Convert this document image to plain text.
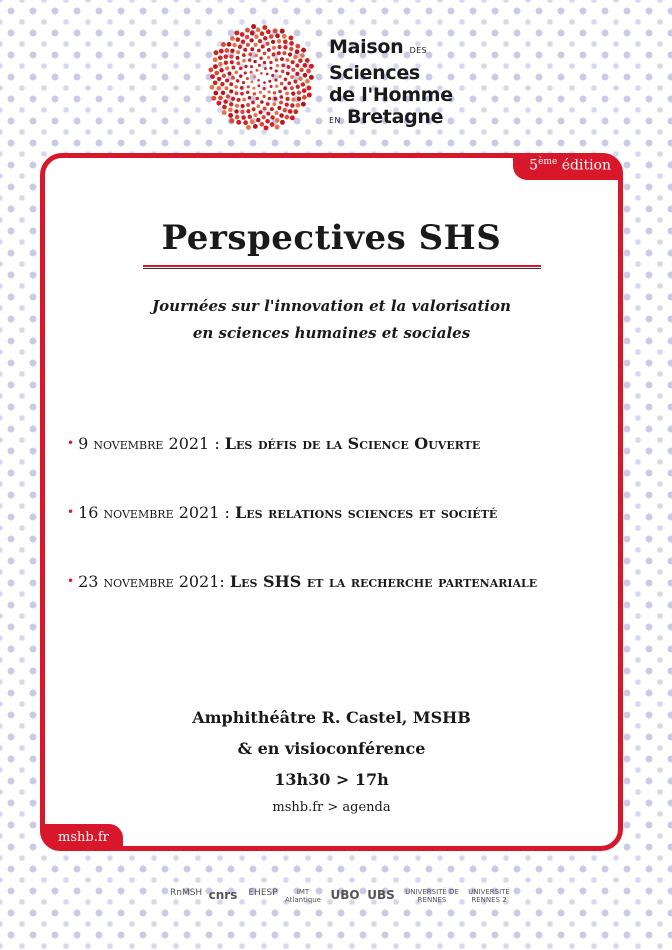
Maison DES
Sciences
de l'Homme
EN Bretagne
5ème édition
Perspectives SHS
Journées sur l'innovation et la valorisation
en sciences humaines et sociales
• 9 novembre 2021 : Les défis de la Science Ouverte
• 16 novembre 2021 : Les relations sciences et société
• 23 novembre 2021: Les SHS et la recherche partenariale
Amphithéâtre R. Castel, MSHB
& en visioconférence
13h30 > 17h
mshb.fr > agenda
mshb.fr
RnMSH cnrs EHESP	IMT Atlantique UBO UBS	UNIVERSITÉ DE RENNES
UNIVERSITÉ RENNES 2
